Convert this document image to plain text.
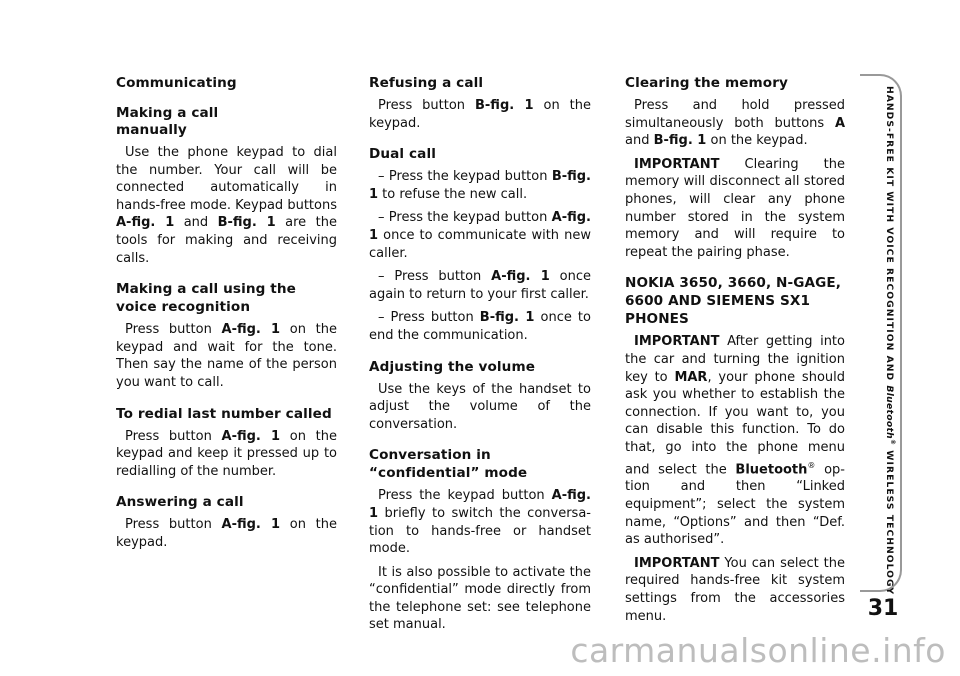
Communicating
Making a call
manually

Use the phone keypad to dial the number. Your call will be connected automatically in hands-free mode. Keypad buttons A-fig. 1 and B-fig. 1 are the tools for making and receiving calls.

Making a call using the voice recognition

Press button A-fig. 1 on the keypad and wait for the tone. Then say the name of the person you want to call.

To redial last number called

Press button A-fig. 1 on the keypad and keep it pressed up to redialling of the number.

Answering a call

Press button A-fig. 1 on the keypad.

Refusing a call

Press button B-fig. 1 on the keypad.

Dual call

– Press the keypad button B-fig. 1 to refuse the new call.

– Press the keypad button A-fig. 1 once to communicate with new caller.

– Press button A-fig. 1 once again to return to your first caller.

– Press button B-fig. 1 once to end the communication.

Adjusting the volume

Use the keys of the handset to adjust the volume of the conversation.

Conversation in “confidential” mode

Press the keypad button A-fig. 1 briefly to switch the conversation to hands-free or handset mode.

It is also possible to activate the “confidential” mode directly from the telephone set: see telephone set manual.

Clearing the memory

Press and hold pressed simultaneously both buttons A and B-fig. 1 on the keypad.

IMPORTANT Clearing the memory will disconnect all stored phones, will clear any phone number stored in the system memory and will require to repeat the pairing phase.

NOKIA 3650, 3660, N-GAGE, 6600 AND SIEMENS SX1 PHONES

IMPORTANT After getting into the car and turning the ignition key to MAR, your phone should ask you whether to establish the connection. If you want to, you can disable this function. To do that, go into the phone menu and select the Bluetooth® option and then “Linked equipment”; select the system name, “Options” and then “Def. as authorised”.

IMPORTANT You can select the required hands-free kit system settings from the accessories menu.

HANDS-FREE KIT WITH VOICE RECOGNITION AND Bluetooth® WIRELESS TECHNOLOGY
31
carmanualsonline.info
